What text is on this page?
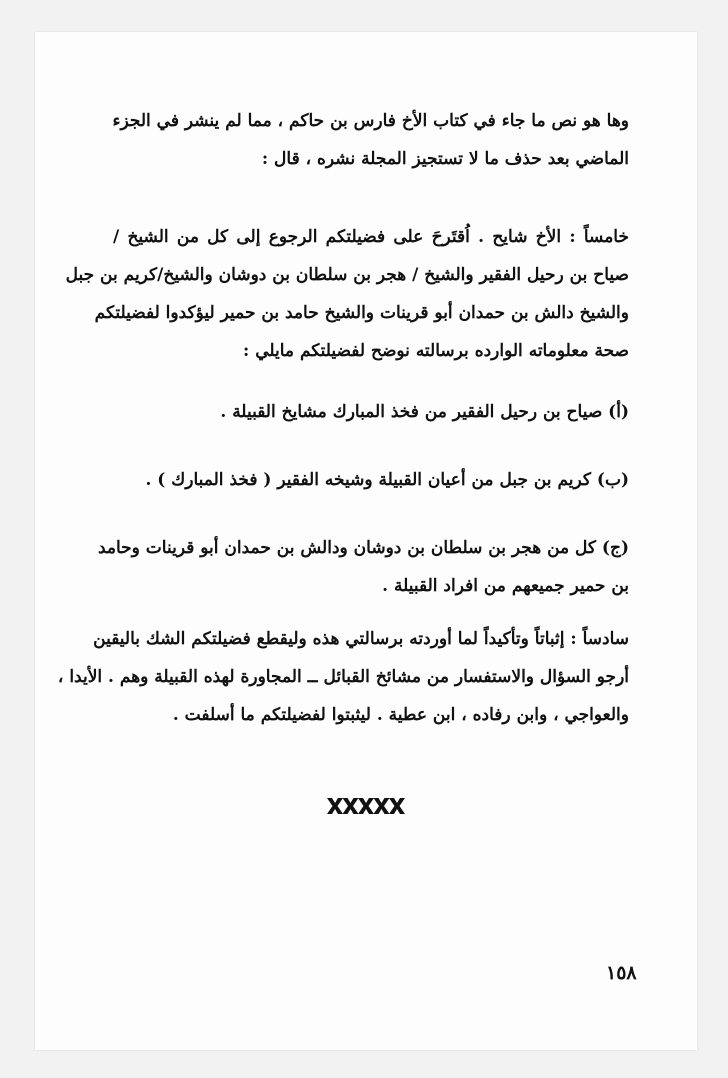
وها هو نص ما جاء في كتاب الأخ فارس بن حاكم ، مما لم ينشر في الجزء
الماضي بعد حذف ما لا تستجيز المجلة نشره ، قال :
خامساً : الأخ شايح . اُقتَرحَ على فضيلتكم الرجوع إلى كل من الشيخ /
صياح بن رحيل الفقير والشيخ / هجر بن سلطان بن دوشان والشيخ/كريم بن جبل
والشيخ دالش بن حمدان أبو قرينات والشيخ حامد بن حمير ليؤكدوا لفضيلتكم
صحة معلوماته الوارده برسالته نوضح لفضيلتكم مايلي :
(أ) صياح بن رحيل الفقير من فخذ المبارك مشايخ القبيلة .
(ب) كريم بن جبل من أعيان القبيلة وشيخه الفقير ( فخذ المبارك ) .
(ج) كل من هجر بن سلطان بن دوشان ودالش بن حمدان أبو قرينات وحامد
بن حمير جميعهم من افراد القبيلة .
سادساً : إثباتاً وتأكيداً لما أوردته برسالتي هذه وليقطع فضيلتكم الشك باليقين
أرجو السؤال والاستفسار من مشائخ القبائل ــ المجاورة لهذه القبيلة وهم . الأيدا ،
والعواجي ، وابن رفاده ، ابن عطية . ليثبتوا لفضيلتكم ما أسلفت .
١٥٨
